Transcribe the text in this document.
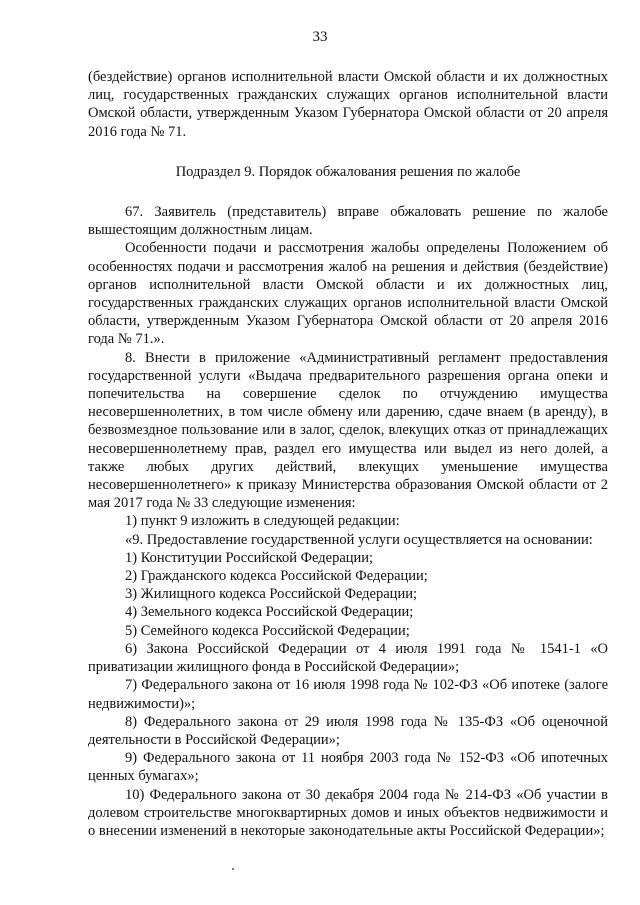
33

(бездействие) органов исполнительной власти Омской области и их должностных лиц, государственных гражданских служащих органов исполнительной власти Омской области, утвержденным Указом Губернатора Омской области от 20 апреля 2016 года № 71.

Подраздел 9. Порядок обжалования решения по жалобе

67. Заявитель (представитель) вправе обжаловать решение по жалобе вышестоящим должностным лицам.

Особенности подачи и рассмотрения жалобы определены Положением об особенностях подачи и рассмотрения жалоб на решения и действия (бездействие) органов исполнительной власти Омской области и их должностных лиц, государственных гражданских служащих органов исполнительной власти Омской области, утвержденным Указом Губернатора Омской области от 20 апреля 2016 года № 71.».

8. Внести в приложение «Административный регламент предоставления государственной услуги «Выдача предварительного разрешения органа опеки и попечительства на совершение сделок по отчуждению имущества несовершеннолетних, в том числе обмену или дарению, сдаче внаем (в аренду), в безвозмездное пользование или в залог, сделок, влекущих отказ от принадлежащих несовершеннолетнему прав, раздел его имущества или выдел из него долей, а также любых других действий, влекущих уменьшение имущества несовершеннолетнего» к приказу Министерства образования Омской области от 2 мая 2017 года № 33 следующие изменения:

1) пункт 9 изложить в следующей редакции:

«9. Предоставление государственной услуги осуществляется на основании:

1) Конституции Российской Федерации;

2) Гражданского кодекса Российской Федерации;

3) Жилищного кодекса Российской Федерации;

4) Земельного кодекса Российской Федерации;

5) Семейного кодекса Российской Федерации;

6) Закона Российской Федерации от 4 июля 1991 года № 1541-1 «О приватизации жилищного фонда в Российской Федерации»;

7) Федерального закона от 16 июля 1998 года № 102-ФЗ «Об ипотеке (залоге недвижимости)»;

8) Федерального закона от 29 июля 1998 года № 135-ФЗ «Об оценочной деятельности в Российской Федерации»;

9) Федерального закона от 11 ноября 2003 года № 152-ФЗ «Об ипотечных ценных бумагах»;

10) Федерального закона от 30 декабря 2004 года № 214-ФЗ «Об участии в долевом строительстве многоквартирных домов и иных объектов недвижимости и о внесении изменений в некоторые законодательные акты Российской Федерации»;
